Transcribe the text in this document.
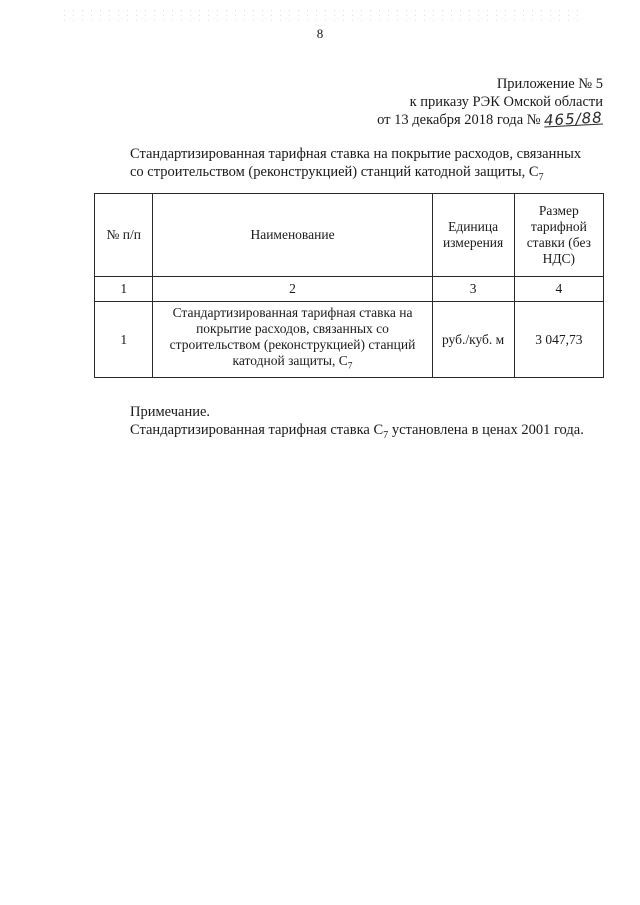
8
Приложение № 5
к приказу РЭК Омской области
от 13 декабря 2018 года № 465/88
Стандартизированная тарифная ставка на покрытие расходов, связанных
со строительством (реконструкцией) станций катодной защиты, $C_7$
№ п/п	Наименование	Единица измерения	Размер тарифной ставки (без НДС)
1	2	3	4
1	Стандартизированная тарифная ставка на покрытие расходов, связанных со строительством (реконструкцией) станций катодной защиты, $C_7$	руб./куб. м	3 047,73
Примечание.
Стандартизированная тарифная ставка $C_7$ установлена в ценах 2001 года.
